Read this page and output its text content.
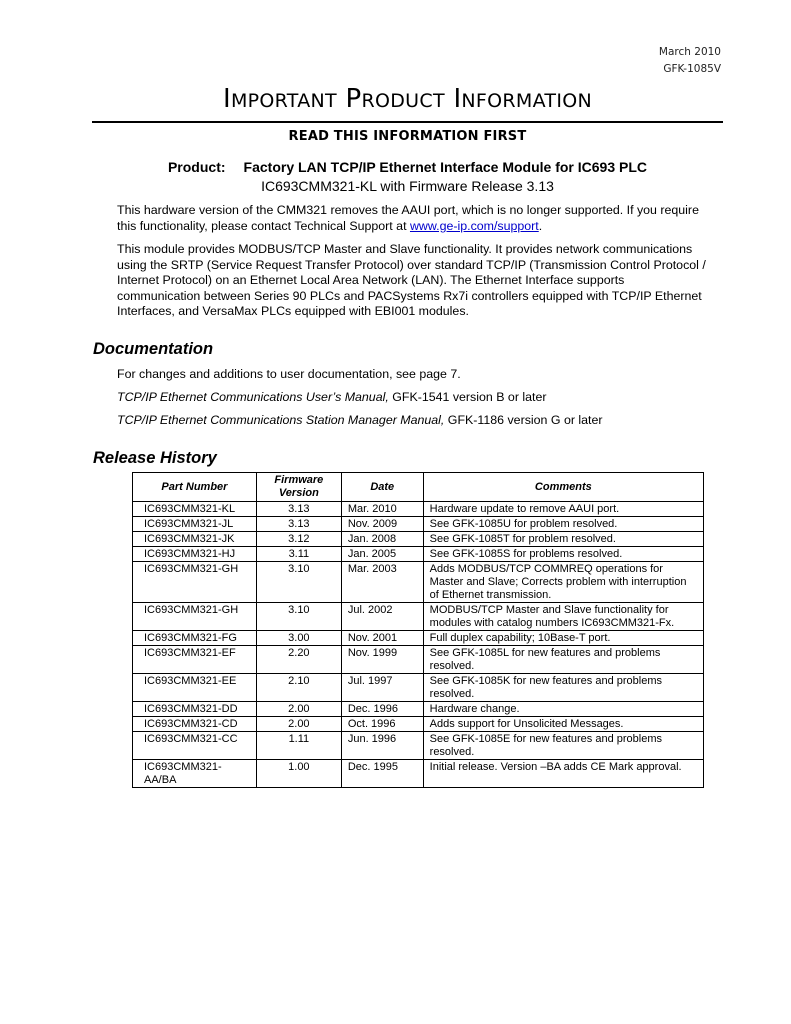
March 2010
GFK-1085V
IMPORTANT PRODUCT INFORMATION
READ THIS INFORMATION FIRST
Product: Factory LAN TCP/IP Ethernet Interface Module for IC693 PLC
IC693CMM321-KL with Firmware Release 3.13
This hardware version of the CMM321 removes the AAUI port, which is no longer supported. If you require this functionality, please contact Technical Support at www.ge-ip.com/support.
This module provides MODBUS/TCP Master and Slave functionality. It provides network communications using the SRTP (Service Request Transfer Protocol) over standard TCP/IP (Transmission Control Protocol / Internet Protocol) on an Ethernet Local Area Network (LAN). The Ethernet Interface supports communication between Series 90 PLCs and PACSystems Rx7i controllers equipped with TCP/IP Ethernet Interfaces, and VersaMax PLCs equipped with EBI001 modules.
Documentation
For changes and additions to user documentation, see page 7.
TCP/IP Ethernet Communications User’s Manual, GFK-1541 version B or later
TCP/IP Ethernet Communications Station Manager Manual, GFK-1186 version G or later
Release History
Part Number	Firmware Version	Date	Comments
IC693CMM321-KL	3.13	Mar. 2010	Hardware update to remove AAUI port.
IC693CMM321-JL	3.13	Nov. 2009	See GFK-1085U for problem resolved.
IC693CMM321-JK	3.12	Jan. 2008	See GFK-1085T for problem resolved.
IC693CMM321-HJ	3.11	Jan. 2005	See GFK-1085S for problems resolved.
IC693CMM321-GH	3.10	Mar. 2003	Adds MODBUS/TCP COMMREQ operations for Master and Slave; Corrects problem with interruption of Ethernet transmission.
IC693CMM321-GH	3.10	Jul. 2002	MODBUS/TCP Master and Slave functionality for modules with catalog numbers IC693CMM321-Fx.
IC693CMM321-FG	3.00	Nov. 2001	Full duplex capability; 10Base-T port.
IC693CMM321-EF	2.20	Nov. 1999	See GFK-1085L for new features and problems resolved.
IC693CMM321-EE	2.10	Jul. 1997	See GFK-1085K for new features and problems resolved.
IC693CMM321-DD	2.00	Dec. 1996	Hardware change.
IC693CMM321-CD	2.00	Oct. 1996	Adds support for Unsolicited Messages.
IC693CMM321-CC	1.11	Jun. 1996	See GFK-1085E for new features and problems resolved.
IC693CMM321-AA/BA	1.00	Dec. 1995	Initial release. Version –BA adds CE Mark approval.
